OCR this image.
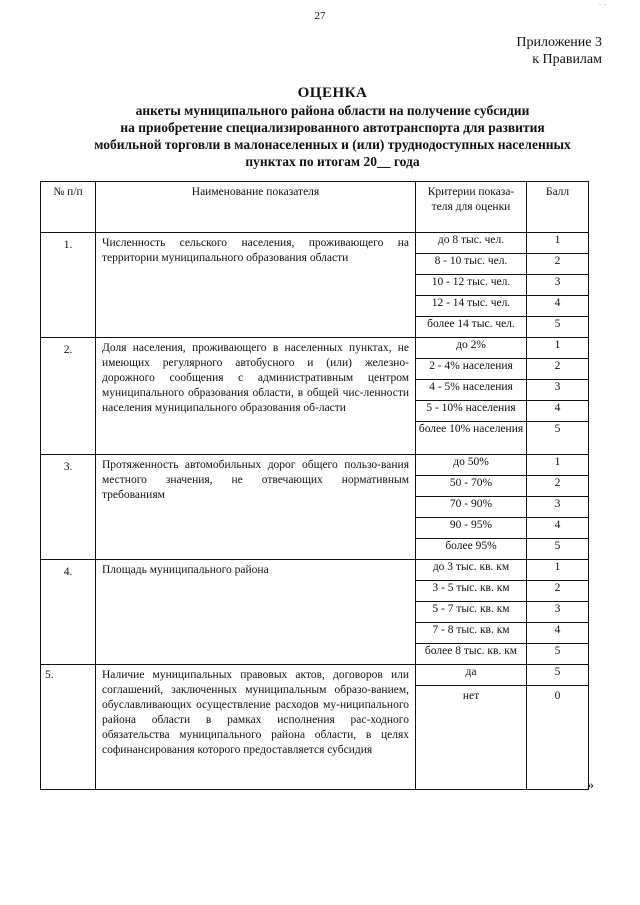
- -
27
Приложение 3
к Правилам
ОЦЕНКА
анкеты муниципального района области на получение субсидии
на приобретение специализированного автотранспорта для развития
мобильной торговли в малонаселенных и (или) труднодоступных населенных
пунктах по итогам 20__ года
№ п/п	Наименование показателя	Критерии показа-теля для оценки	Балл
1.	Численность сельского населения, проживающего на территории муниципального образования области	до 8 тыс. чел.	1
		8 - 10 тыс. чел.	2
		10 - 12 тыс. чел.	3
		12 - 14 тыс. чел.	4
		более 14 тыс. чел.	5
2.	Доля населения, проживающего в населенных пунктах, не имеющих регулярного автобусного и (или) железно-дорожного сообщения с административным центром муниципального образования области, в общей чис-ленности населения муниципального образования об-ласти	до 2%	1
		2 - 4% населения	2
		4 - 5% населения	3
		5 - 10% населения	4
		более 10% населения	5
3.	Протяженность автомобильных дорог общего пользо-вания местного значения, не отвечающих нормативным требованиям	до 50%	1
		50 - 70%	2
		70 - 90%	3
		90 - 95%	4
		более 95%	5
4.	Площадь муниципального района	до 3 тыс. кв. км	1
		3 - 5 тыс. кв. км	2
		5 - 7 тыс. кв. км	3
		7 - 8 тыс. кв. км	4
		более 8 тыс. кв. км	5
5.	Наличие муниципальных правовых актов, договоров или соглашений, заключенных муниципальным образо-ванием, обуславливающих осуществление расходов му-ниципального района области в рамках исполнения рас-ходного обязательства муниципального района области, в целях софинансирования которого предоставляется субсидия	да	5
		нет	0
»
